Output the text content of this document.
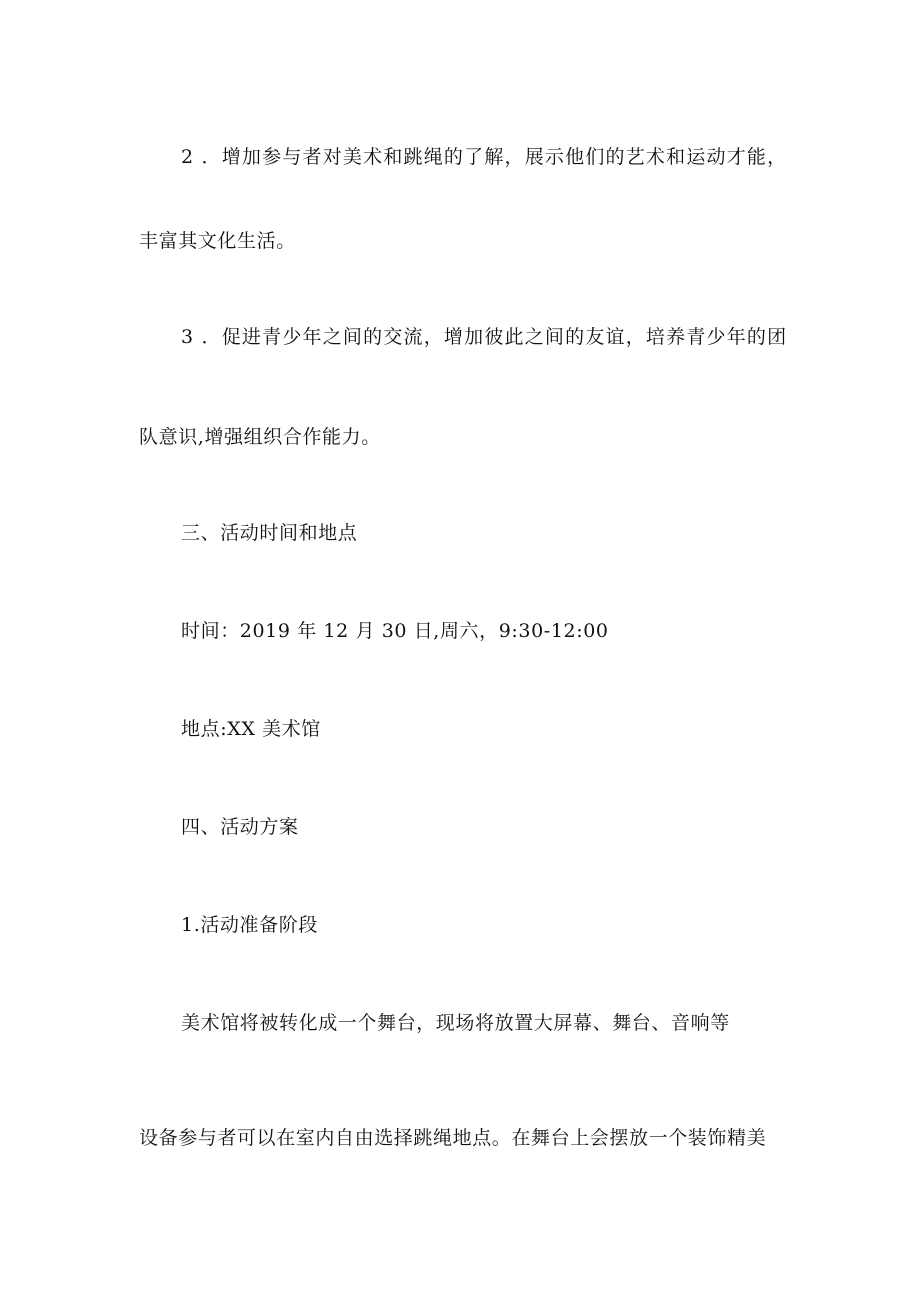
2 ．增加参与者对美术和跳绳的了解，展示他们的艺术和运动才能，
丰富其文化生活。
3 ．促进青少年之间的交流，增加彼此之间的友谊，培养青少年的团
队意识,增强组织合作能力。
三、活动时间和地点
时间：2019 年 12 月 30 日,周六，9:30-12:00
地点:XX 美术馆
四、活动方案
1.活动准备阶段
美术馆将被转化成一个舞台，现场将放置大屏幕、舞台、音响等
设备参与者可以在室内自由选择跳绳地点。在舞台上会摆放一个装饰精美
